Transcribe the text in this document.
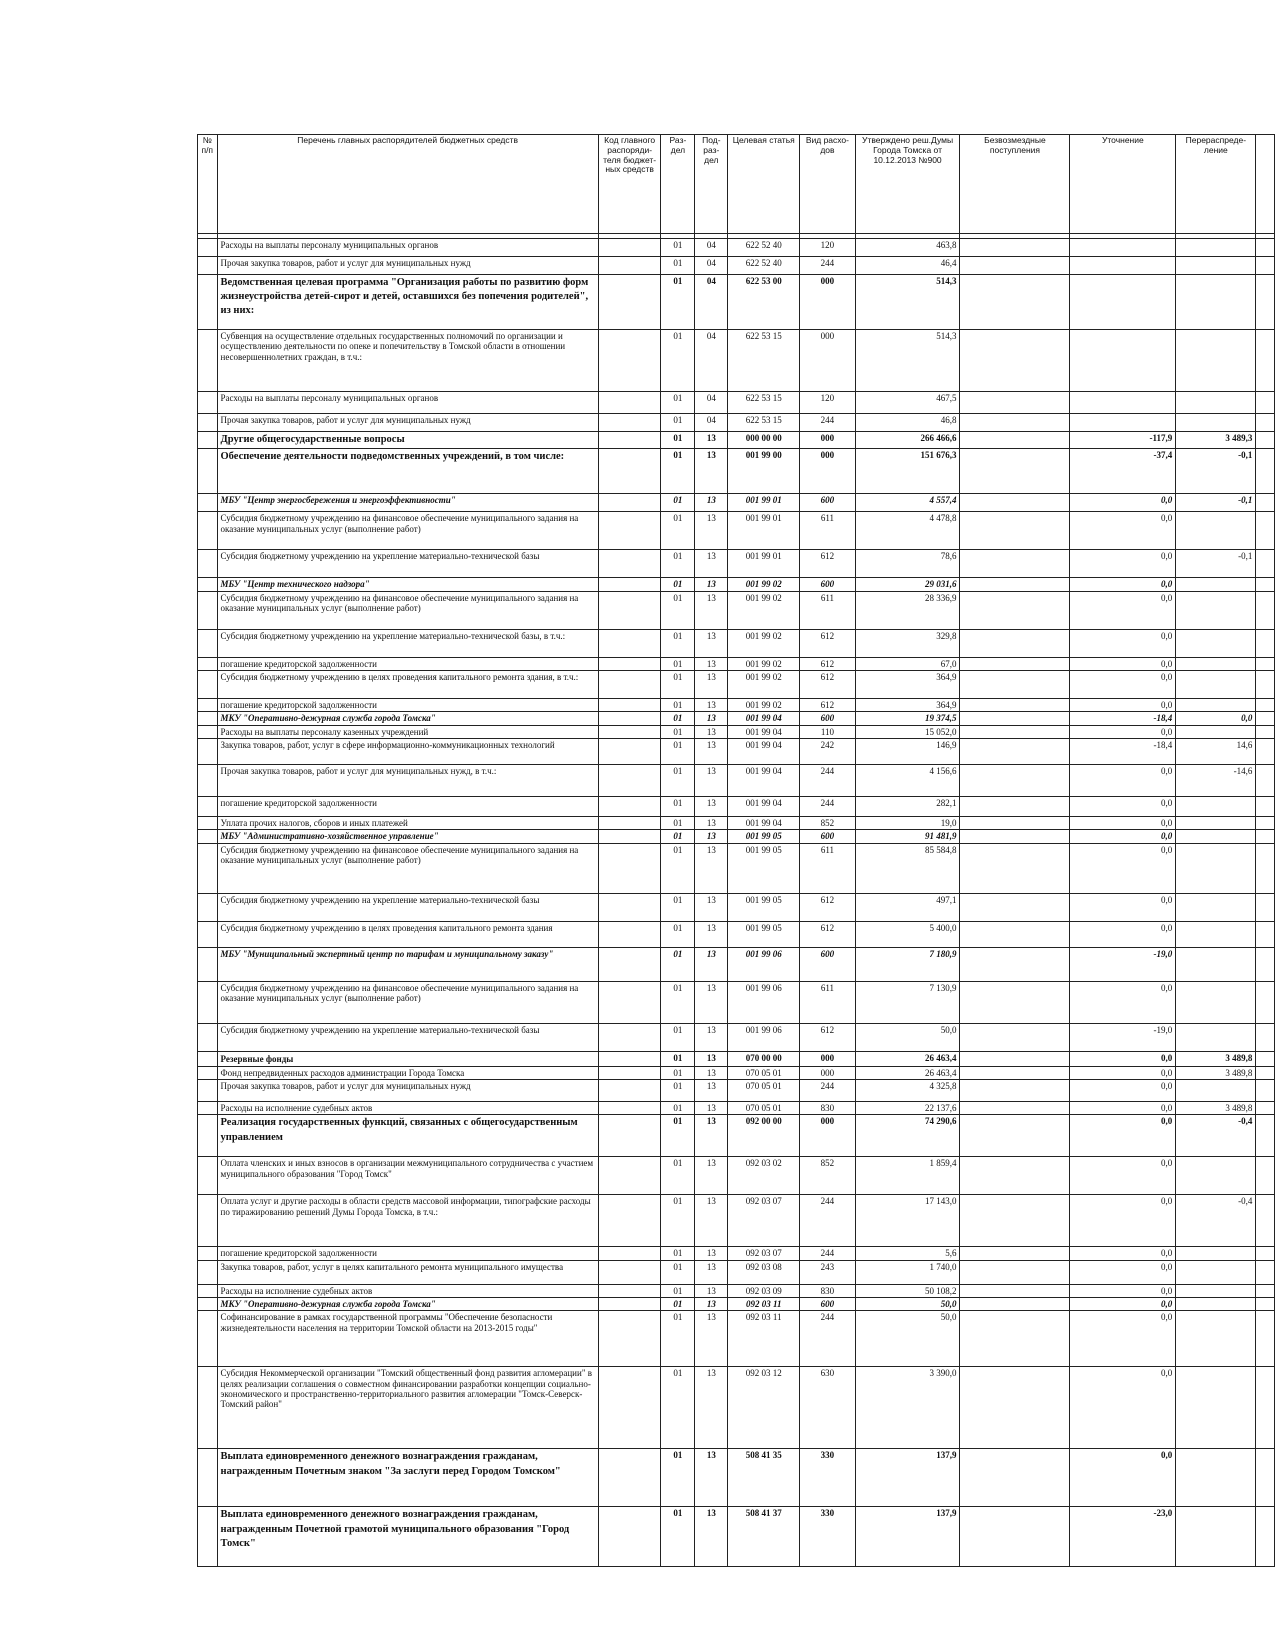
№ п/п	Перечень главных распорядителей бюджетных средств	Код главного распоряди-теля бюджет-ных средств	Раз-дел	Под-раз-дел	Целевая статья	Вид расхо-дов	Утверждено реш.Думы Города Томска от 10.12.2013 №900	Безвозмездные поступления	Уточнение	Перераспреде-ление	

	Расходы на выплаты персоналу муниципальных органов		01	04	622 52 40	120	463,8				
	Прочая закупка товаров, работ и услуг для муниципальных нужд		01	04	622 52 40	244	46,4				
	Ведомственная целевая программа "Организация работы по развитию форм жизнеустройства детей-сирот и детей, оставшихся без попечения родителей", из них:		01	04	622 53 00	000	514,3				
	Субвенция на осуществление отдельных государственных полномочий по организации и осуществлению деятельности по опеке и попечительству в Томской области в отношении несовершеннолетних граждан, в т.ч.:		01	04	622 53 15	000	514,3				
	Расходы на выплаты персоналу муниципальных органов		01	04	622 53 15	120	467,5				
	Прочая закупка товаров, работ и услуг для муниципальных нужд		01	04	622 53 15	244	46,8				
	Другие общегосударственные вопросы		01	13	000 00 00	000	266 466,6		-117,9	3 489,3	
	Обеспечение деятельности подведомственных учреждений, в том числе:		01	13	001 99 00	000	151 676,3		-37,4	-0,1	
	МБУ "Центр энергосбережения и энергоэффективности"		01	13	001 99 01	600	4 557,4		0,0	-0,1	
	Субсидия бюджетному учреждению на финансовое обеспечение муниципального задания на оказание муниципальных услуг (выполнение работ)		01	13	001 99 01	611	4 478,8		0,0		
	Субсидия бюджетному учреждению на укрепление материально-технической базы		01	13	001 99 01	612	78,6		0,0	-0,1	
	МБУ "Центр технического надзора"		01	13	001 99 02	600	29 031,6		0,0		
	Субсидия бюджетному учреждению на финансовое обеспечение муниципального задания на оказание муниципальных услуг (выполнение работ)		01	13	001 99 02	611	28 336,9		0,0		
	Субсидия бюджетному учреждению на укрепление материально-технической базы, в т.ч.:		01	13	001 99 02	612	329,8		0,0		
	погашение кредиторской задолженности		01	13	001 99 02	612	67,0		0,0		
	Субсидия бюджетному учреждению в целях проведения капитального ремонта здания, в т.ч.:		01	13	001 99 02	612	364,9		0,0		
	погашение кредиторской задолженности		01	13	001 99 02	612	364,9		0,0		
	МКУ "Оперативно-дежурная служба города Томска"		01	13	001 99 04	600	19 374,5		-18,4	0,0	
	Расходы на выплаты персоналу казенных учреждений		01	13	001 99 04	110	15 052,0		0,0		
	Закупка товаров, работ, услуг в сфере информационно-коммуникационных технологий		01	13	001 99 04	242	146,9		-18,4	14,6	
	Прочая закупка товаров, работ и услуг для муниципальных нужд, в т.ч.:		01	13	001 99 04	244	4 156,6		0,0	-14,6	
	погашение кредиторской задолженности		01	13	001 99 04	244	282,1		0,0		
	Уплата прочих налогов, сборов и иных платежей		01	13	001 99 04	852	19,0		0,0		
	МБУ "Административно-хозяйственное управление"		01	13	001 99 05	600	91 481,9		0,0		
	Субсидия бюджетному учреждению на финансовое обеспечение муниципального задания на оказание муниципальных услуг (выполнение работ)		01	13	001 99 05	611	85 584,8		0,0		
	Субсидия бюджетному учреждению на укрепление материально-технической базы		01	13	001 99 05	612	497,1		0,0		
	Субсидия бюджетному учреждению в целях проведения капитального ремонта здания		01	13	001 99 05	612	5 400,0		0,0		
	МБУ "Муниципальный экспертный центр по тарифам и муниципальному заказу"		01	13	001 99 06	600	7 180,9		-19,0		
	Субсидия бюджетному учреждению на финансовое обеспечение муниципального задания на оказание муниципальных услуг (выполнение работ)		01	13	001 99 06	611	7 130,9		0,0		
	Субсидия бюджетному учреждению на укрепление материально-технической базы		01	13	001 99 06	612	50,0		-19,0		
	Резервные фонды		01	13	070 00 00	000	26 463,4		0,0	3 489,8	
	Фонд непредвиденных расходов администрации Города Томска		01	13	070 05 01	000	26 463,4		0,0	3 489,8	
	Прочая закупка товаров, работ и услуг для муниципальных нужд		01	13	070 05 01	244	4 325,8		0,0		
	Расходы на исполнение судебных актов		01	13	070 05 01	830	22 137,6		0,0	3 489,8	
	Реализация государственных функций, связанных с общегосударственным управлением		01	13	092 00 00	000	74 290,6		0,0	-0,4	
	Оплата членских и иных взносов в организации межмуниципального сотрудничества с участием муниципального образования "Город Томск"		01	13	092 03 02	852	1 859,4		0,0		
	Оплата услуг и другие расходы в области средств массовой информации, типографские расходы по тиражированию решений Думы Города Томска, в т.ч.:		01	13	092 03 07	244	17 143,0		0,0	-0,4	
	погашение кредиторской задолженности		01	13	092 03 07	244	5,6		0,0		
	Закупка товаров, работ, услуг в целях капитального ремонта муниципального имущества		01	13	092 03 08	243	1 740,0		0,0		
	Расходы на исполнение судебных актов		01	13	092 03 09	830	50 108,2		0,0		
	МКУ "Оперативно-дежурная служба города Томска"		01	13	092 03 11	600	50,0		0,0		
	Софинансирование в рамках государственной программы "Обеспечение безопасности жизнедеятельности населения на территории Томской области на 2013-2015 годы"		01	13	092 03 11	244	50,0		0,0		
	Субсидия Некоммерческой организации "Томский общественный фонд развития агломерации" в целях реализации соглашения о совместном финансировании разработки концепции социально-экономического и пространственно-территориального развития агломерации "Томск-Северск-Томский район"		01	13	092 03 12	630	3 390,0		0,0		
	Выплата единовременного денежного вознаграждения гражданам, награжденным Почетным знаком "За заслуги перед Городом Томском"		01	13	508 41 35	330	137,9		0,0		
	Выплата единовременного денежного вознаграждения гражданам, награжденным Почетной грамотой муниципального образования "Город Томск"		01	13	508 41 37	330	137,9		-23,0		
